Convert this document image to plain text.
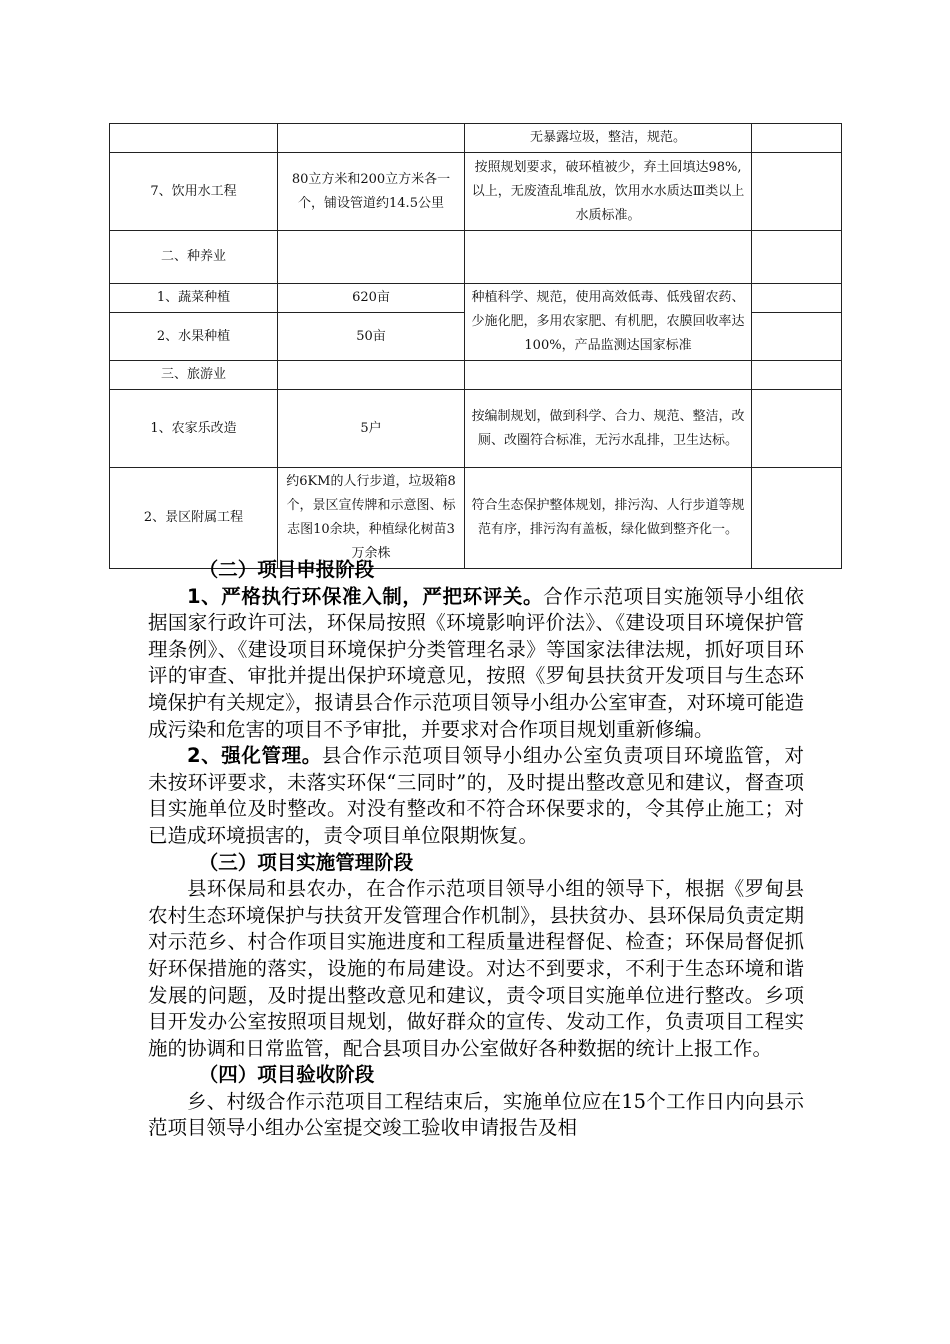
		无暴露垃圾，整洁，规范。	
7、饮用水工程	80立方米和200立方米各一个，铺设管道约14.5公里	按照规划要求，破环植被少，弃土回填达98%,以上，无废渣乱堆乱放，饮用水水质达Ⅲ类以上水质标准。	
二、种养业			
1、蔬菜种植	620亩	种植科学、规范，使用高效低毒、低残留农药、少施化肥，多用农家肥、有机肥，农膜回收率达100%，产品监测达国家标准	
2、水果种植	50亩		
三、旅游业			
1、农家乐改造	5户	按编制规划，做到科学、合力、规范、整洁，改厕、改圈符合标准，无污水乱排，卫生达标。	
2、景区附属工程	约6KM的人行步道，垃圾箱8个，景区宣传牌和示意图、标志图10余块，种植绿化树苗3万余株	符合生态保护整体规划，排污沟、人行步道等规范有序，排污沟有盖板，绿化做到整齐化一。	

（二）项目申报阶段

1、严格执行环保准入制，严把环评关。合作示范项目实施领导小组依据国家行政许可法，环保局按照《环境影响评价法》、《建设项目环境保护管理条例》、《建设项目环境保护分类管理名录》等国家法律法规，抓好项目环评的审查、审批并提出保护环境意见，按照《罗甸县扶贫开发项目与生态环境保护有关规定》，报请县合作示范项目领导小组办公室审查，对环境可能造成污染和危害的项目不予审批，并要求对合作项目规划重新修编。

2、强化管理。县合作示范项目领导小组办公室负责项目环境监管，对未按环评要求，未落实环保“三同时”的，及时提出整改意见和建议，督查项目实施单位及时整改。对没有整改和不符合环保要求的，令其停止施工；对已造成环境损害的，责令项目单位限期恢复。

（三）项目实施管理阶段

县环保局和县农办，在合作示范项目领导小组的领导下，根据《罗甸县农村生态环境保护与扶贫开发管理合作机制》，县扶贫办、县环保局负责定期对示范乡、村合作项目实施进度和工程质量进程督促、检查；环保局督促抓好环保措施的落实，设施的布局建设。对达不到要求，不利于生态环境和谐发展的问题，及时提出整改意见和建议，责令项目实施单位进行整改。乡项目开发办公室按照项目规划，做好群众的宣传、发动工作，负责项目工程实施的协调和日常监管，配合县项目办公室做好各种数据的统计上报工作。

（四）项目验收阶段

乡、村级合作示范项目工程结束后，实施单位应在15个工作日内向县示范项目领导小组办公室提交竣工验收申请报告及相
